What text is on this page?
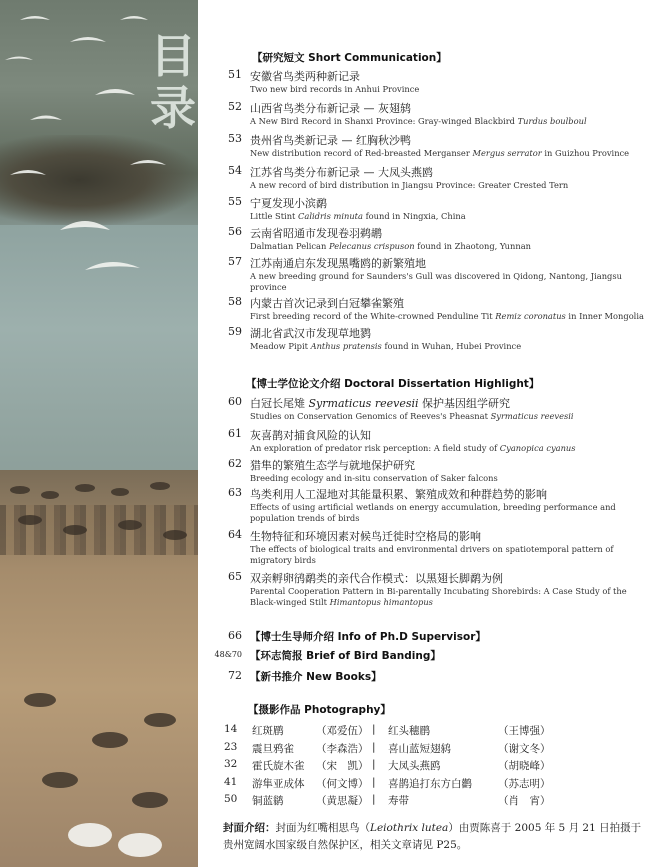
目录
【研究短文 Short Communication】
51 安徽省鸟类两种新记录
Two new bird records in Anhui Province
52 山西省鸟类分布新记录 — 灰翅鸫
A New Bird Record in Shanxi Province: Gray-winged Blackbird Turdus boulboul
53 贵州省鸟类新记录 — 红胸秋沙鸭
New distribution record of Red-breasted Merganser Mergus serrator in Guizhou Province
54 江苏省鸟类分布新记录 — 大凤头燕鸥
A new record of bird distribution in Jiangsu Province: Greater Crested Tern
55 宁夏发现小滨鹬
Little Stint Calidris minuta found in Ningxia, China
56 云南省昭通市发现卷羽鹈鹕
Dalmatian Pelican Pelecanus crispuson found in Zhaotong, Yunnan
57 江苏南通启东发现黑嘴鸥的新繁殖地
A new breeding ground for Saunders's Gull was discovered in Qidong, Nantong, Jiangsu province
58 内蒙古首次记录到白冠攀雀繁殖
First breeding record of the White-crowned Penduline Tit Remiz coronatus in Inner Mongolia
59 湖北省武汉市发现草地鹨
Meadow Pipit Anthus pratensis found in Wuhan, Hubei Province
【博士学位论文介绍 Doctoral Dissertation Highlight】
60 白冠长尾雉 Syrmaticus reevesii 保护基因组学研究
Studies on Conservation Genomics of Reeves's Pheasnat Syrmaticus reevesii
61 灰喜鹊对捕食风险的认知
An exploration of predator risk perception: A field study of Cyanopica cyanus
62 猎隼的繁殖生态学与就地保护研究
Breeding ecology and in-situ conservation of Saker falcons
63 鸟类利用人工湿地对其能量积累、繁殖成效和种群趋势的影响
Effects of using artificial wetlands on energy accumulation, breeding performance and population trends of birds
64 生物特征和环境因素对候鸟迁徙时空格局的影响
The effects of biological traits and environmental drivers on spatiotemporal pattern of migratory birds
65 双亲孵卵鸻鹬类的亲代合作模式：以黑翅长脚鹬为例
Parental Cooperation Pattern in Bi-parentally Incubating Shorebirds: A Case Study of the Black-winged Stilt Himantopus himantopus
66 【博士生导师介绍 Info of Ph.D Supervisor】
48&70 【环志简报 Brief of Bird Banding】
72 【新书推介 New Books】
【摄影作品 Photography】
14 红斑鹛	（邓爱伍） | 红头穗鹛	（王博强）
23 震旦鸦雀 （李森浩） | 喜山蓝短翅鸫	（谢文冬）
32 霍氏旋木雀 （宋　凯） | 大凤头燕鸥	（胡晓峰）
41 游隼亚成体 （何文博） | 喜鹊追打东方白鹳 （苏志明）
50 铜蓝鹟	（黄思凝） | 寿带	（肖　宵）
封面介绍：封面为红嘴相思鸟（Leiothrix lutea）由贾陈喜于 2005 年 5 月 21 日拍摄于贵州宽阔水国家级自然保护区，相关文章请见 P25。
